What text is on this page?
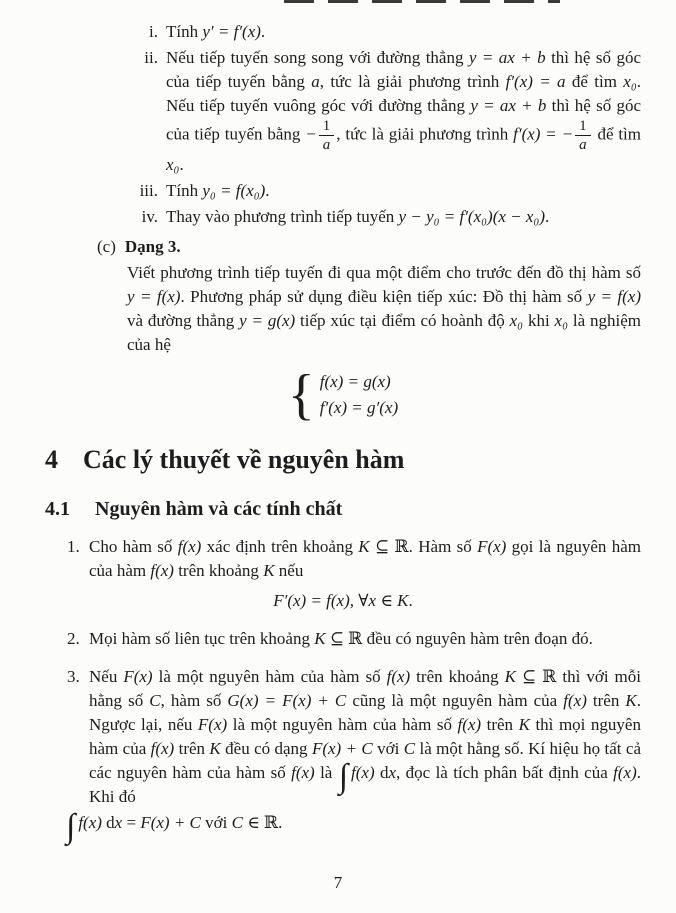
i. Tính y′ = f′(x).
ii. Nếu tiếp tuyến song song với đường thẳng y = ax + b thì hệ số góc của tiếp tuyến bằng a, tức là giải phương trình f′(x) = a để tìm x₀. Nếu tiếp tuyến vuông góc với đường thẳng y = ax + b thì hệ số góc của tiếp tuyến bằng − $\frac{1}{a}$ , tức là giải phương trình f′(x) = − $\frac{1}{a}$ để tìm x₀.
iii. Tính y₀ = f(x₀).
iv. Thay vào phương trình tiếp tuyến y − y₀ = f′(x₀)(x − x₀).
(c) Dạng 3.
Viết phương trình tiếp tuyến đi qua một điểm cho trước đến đồ thị hàm số y = f(x). Phương pháp sử dụng điều kiện tiếp xúc: Đồ thị hàm số y = f(x) và đường thẳng y = g(x) tiếp xúc tại điểm có hoành độ x₀ khi x₀ là nghiệm của hệ
{ f(x) = g(x)
f′(x) = g′(x)
4 Các lý thuyết về nguyên hàm
4.1	Nguyên hàm và các tính chất
1. Cho hàm số f(x) xác định trên khoảng K ⊆ ℝ. Hàm số F(x) gọi là nguyên hàm của hàm f(x) trên khoảng K nếu
F′(x) = f(x), ∀x ∈ K.
2. Mọi hàm số liên tục trên khoảng K ⊆ ℝ đều có nguyên hàm trên đoạn đó.
3. Nếu F(x) là một nguyên hàm của hàm số f(x) trên khoảng K ⊆ ℝ thì với mỗi hằng số C, hàm số G(x) = F(x) + C cũng là một nguyên hàm của f(x) trên K. Ngược lại, nếu F(x) là một nguyên hàm của hàm số f(x) trên K thì mọi nguyên hàm của f(x) trên K đều có dạng F(x) + C với C là một hằng số. Kí hiệu họ tất cả các nguyên hàm của hàm số f(x) là ∫ f(x) dx, đọc là tích phân bất định của f(x). Khi đó
∫ f(x) dx = F(x) + C với C ∈ ℝ.
7
